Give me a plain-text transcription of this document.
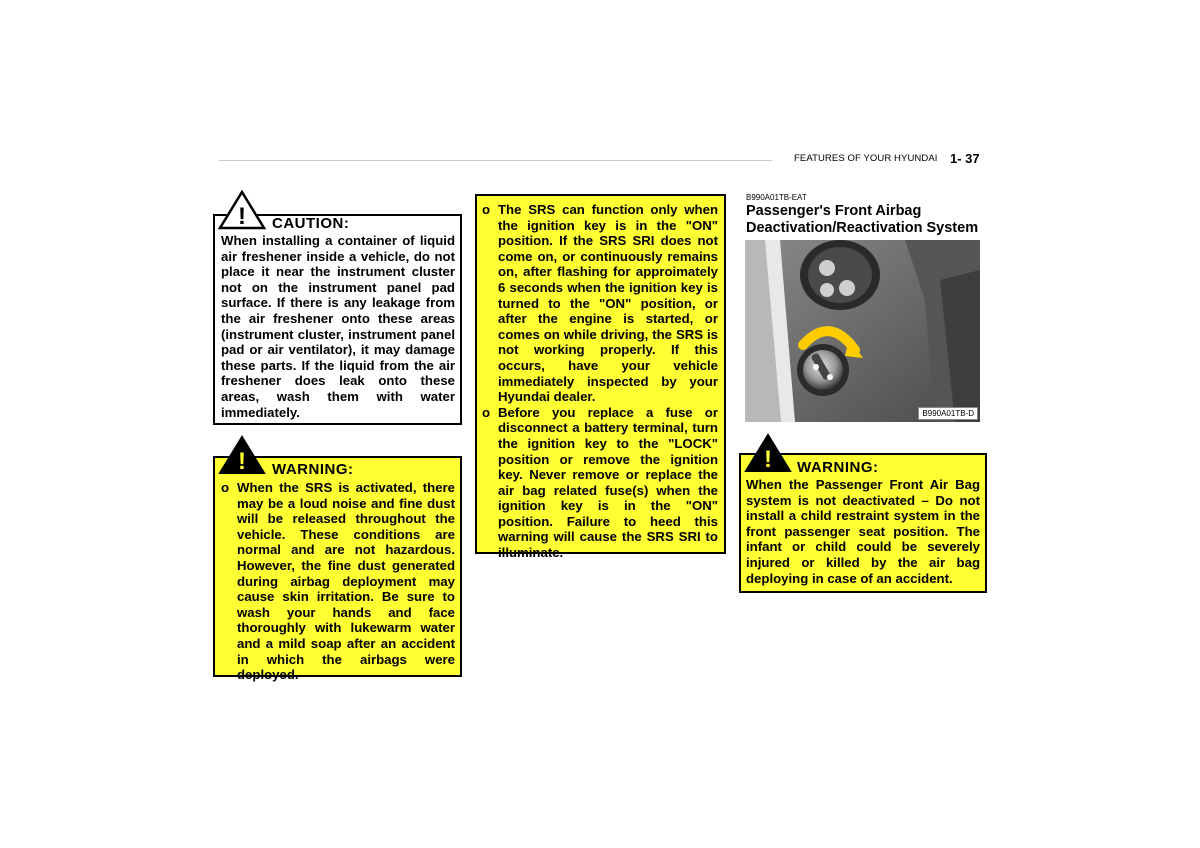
FEATURES OF YOUR HYUNDAI 1- 37
! CAUTION:

When installing a container of liquid air freshener inside a vehicle, do not place it near the instrument cluster not on the instrument panel pad surface. If there is any leakage from the air freshener onto these areas (instrument cluster, instrument panel pad or air ventilator), it may damage these parts. If the liquid from the air freshener does leak onto these areas, wash them with water immediately.

! WARNING:
o When the SRS is activated, there may be a loud noise and fine dust will be released throughout the vehicle. These conditions are normal and are not hazardous. However, the fine dust generated during airbag deployment may cause skin irritation. Be sure to wash your hands and face thoroughly with lukewarm water and a mild soap after an accident in which the airbags were deployed.
o The SRS can function only when the ignition key is in the "ON" position. If the SRS SRI does not come on, or continuously remains on, after flashing for approimately 6 seconds when the ignition key is turned to the "ON" position, or after the engine is started, or comes on while driving, the SRS is not working properly. If this occurs, have your vehicle immediately inspected by your Hyundai dealer.
o Before you replace a fuse or disconnect a battery terminal, turn the ignition key to the "LOCK" position or remove the ignition key. Never remove or replace the air bag related fuse(s) when the ignition key is in the "ON" position. Failure to heed this warning will cause the SRS SRI to illuminate.
B990A01TB-EAT
Passenger's Front Airbag Deactivation/Reactivation System
B990A01TB-D
! WARNING:

When the Passenger Front Air Bag system is not deactivated – Do not install a child restraint system in the front passenger seat position. The infant or child could be severely injured or killed by the air bag deploying in case of an accident.
